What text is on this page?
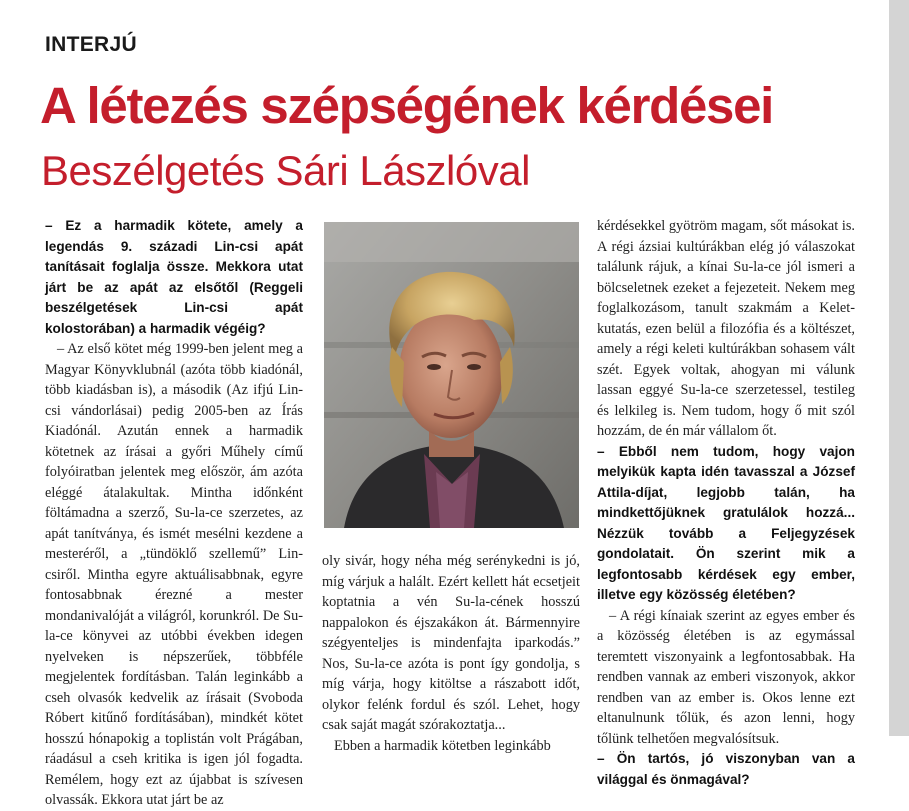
INTERJÚ
A létezés szépségének kérdései
Beszélgetés Sári Lászlóval

– Ez a harmadik kötete, amely a legendás 9. századi Lin-csi apát tanításait foglalja össze. Mekkora utat járt be az apát az elsőtől (Reggeli beszélgetések Lin-csi apát kolostorában) a harmadik végéig?

– Az első kötet még 1999-ben jelent meg a Magyar Könyvklubnál (azóta több kiadónál, több kiadásban is), a második (Az ifjú Lin-csi vándorlásai) pedig 2005-ben az Írás Kiadónál. Azután ennek a harmadik kötetnek az írásai a győri Műhely című folyóiratban jelentek meg először, ám azóta eléggé átalakultak. Mintha időnként föltámadna a szerző, Su-la-ce szerzetes, az apát tanítványa, és ismét mesélni kezdene a mesteréről, a „tündöklő szellemű” Lin-csiről. Mintha egyre aktuálisabbnak, egyre fontosabbnak érezné a mester mondanivalóját a világról, korunkról. De Su-la-ce könyvei az utóbbi években idegen nyelveken is népszerűek, többféle megjelentek fordításban. Talán leginkább a cseh olvasók kedvelik az írásait (Svoboda Róbert kitűnő fordításában), mindkét kötet hosszú hónapokig a toplistán volt Prágában, ráadásul a cseh kritika is igen jól fogadta. Remélem, hogy ezt az újabbat is szívesen olvassák. Ekkora utat járt be az

oly sivár, hogy néha még serénykedni is jó, míg várjuk a halált. Ezért kellett hát ecsetjeit koptatnia a vén Su-la-cének hosszú nappalokon és éjszakákon át. Bármennyire szégyenteljes is mindenfajta iparkodás.” Nos, Su-la-ce azóta is pont így gondolja, s míg várja, hogy kitöltse a rászabott időt, olykor felénk fordul és szól. Lehet, hogy csak saját magát szórakoztatja...

Ebben a harmadik kötetben leginkább

kérdésekkel gyötröm magam, sőt másokat is. A régi ázsiai kultúrákban elég jó válaszokat találunk rájuk, a kínai Su-la-ce jól ismeri a bölcseletnek ezeket a fejezeteit. Nekem meg foglalkozásom, tanult szakmám a Kelet-kutatás, ezen belül a filozófia és a költészet, amely a régi keleti kultúrákban sohasem vált szét. Egyek voltak, ahogyan mi válunk lassan eggyé Su-la-ce szerzetessel, testileg és lelkileg is. Nem tudom, hogy ő mit szól hozzám, de én már vállalom őt.

– Ebből nem tudom, hogy vajon melyikük kapta idén tavasszal a József Attila-díjat, legjobb talán, ha mindkettőjüknek gratulálok hozzá... Nézzük tovább a Feljegyzések gondolatait. Ön szerint mik a legfontosabb kérdések egy ember, illetve egy közösség életében?

– A régi kínaiak szerint az egyes ember és a közösség életében is az egymással teremtett viszonyaink a legfontosabbak. Ha rendben vannak az emberi viszonyok, akkor rendben van az ember is. Okos lenne ezt eltanulnunk tőlük, és azon lenni, hogy tőlünk telhetően megvalósítsuk.

– Ön tartós, jó viszonyban van a világgal és önmagával?
